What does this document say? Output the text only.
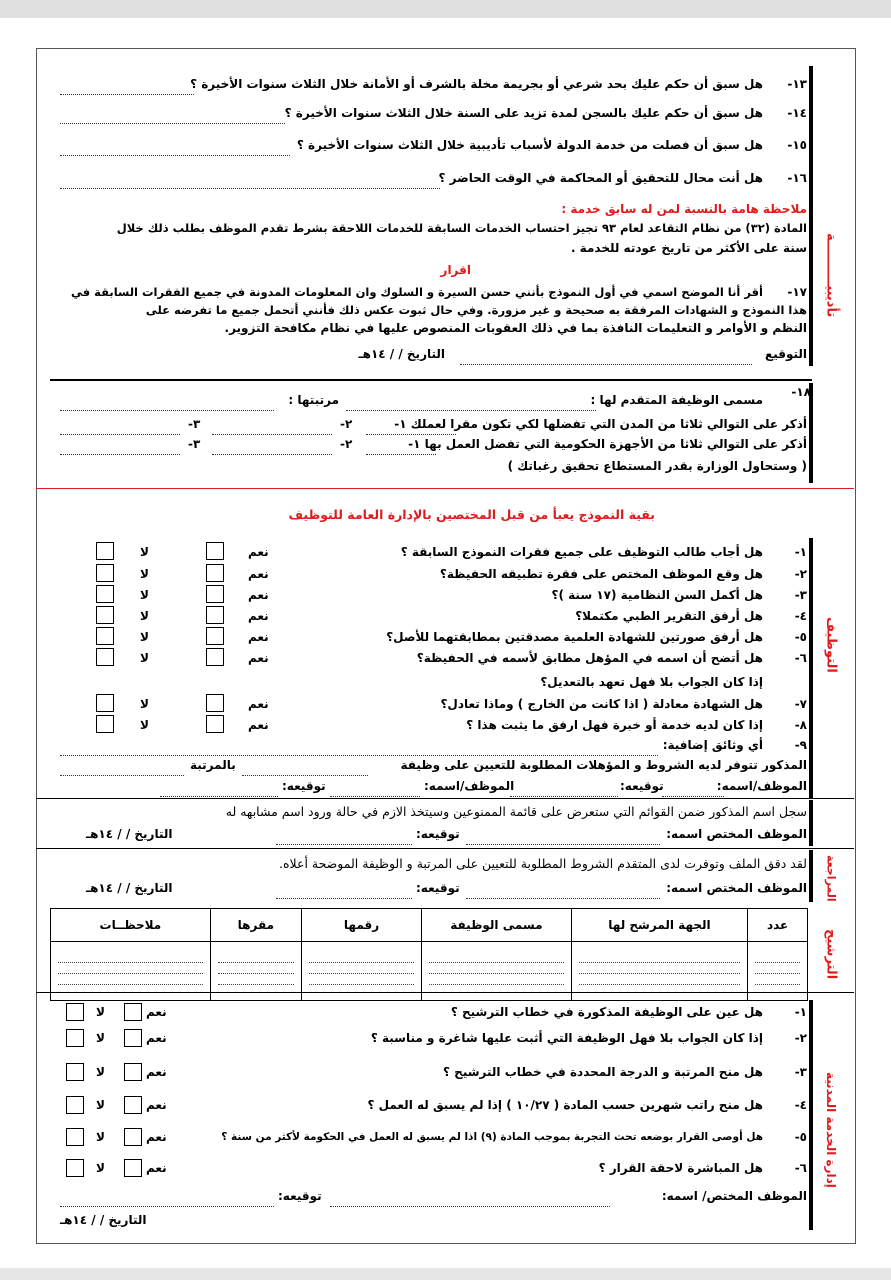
تأديبيــــــــــة
١٣-
هل سبق أن حكم عليك بحد شرعي أو بجريمة مخلة بالشرف أو الأمانة خلال الثلاث سنوات الأخيرة ؟
١٤-
هل سبق أن حكم عليك بالسجن لمدة تزيد على السنة خلال الثلاث سنوات الأخيرة ؟
١٥-
هل سبق أن فصلت من خدمة الدولة لأسباب تأديبية خلال الثلاث سنوات الأخيرة ؟
١٦-
هل أنت محال للتحقيق أو المحاكمة في الوقت الحاضر ؟
ملاحظة هامة بالنسبة لمن له سابق خدمة :
المادة (٣٢) من نظام التقاعد لعام ٩٣ تجيز احتساب الخدمات السابقة للخدمات اللاحقة بشرط تقدم الموظف بطلب ذلك خلال
سنة على الأكثر من تاريخ عودته للخدمة .
اقرار
١٧-
أقر أنا الموضح اسمي في أول النموذج بأنني حسن السيرة و السلوك وان المعلومات المدونة في جميع الفقرات السابقة في
هذا النموذج و الشهادات المرفقة به صحيحة و غير مزورة. وفي حال ثبوت عكس ذلك فأنني أتحمل جميع ما تفرضه على
النظم و الأوامر و التعليمات النافذة بما في ذلك العقوبات المنصوص عليها في نظام مكافحة التزوير.
التوقيع
التاريخ / / ١٤هـ
١٨-
مسمى الوظيفة المتقدم لها :
مرتبتها :
أذكر على التوالي ثلاثا من المدن التي تفضلها لكي تكون مقرا لعملك ١-
٢-
٣-
أذكر على التوالي ثلاثا من الأجهزة الحكومية التي تفضل العمل بها ١-
٢-
٣-
( وستحاول الوزارة بقدر المستطاع تحقيق رغباتك )
بقية النموذج يعبأ من قبل المختصين بالإدارة العامة للتوظيف
التوظيف
١-
هل أجاب طالب التوظيف على جميع فقرات النموذج السابقة ؟
نعم
لا
٢-
هل وقع الموظف المختص على فقرة تطبيقه الحفيظة؟
نعم
لا
٣-
هل أكمل السن النظامية (١٧ سنة )؟
نعم
لا
٤-
هل أرفق التقرير الطبي مكتملا؟
نعم
لا
٥-
هل أرفق صورتين للشهادة العلمية مصدقتين بمطابقتهما للأصل؟
نعم
لا
٦-
هل أتضح أن اسمه في المؤهل مطابق لأسمه في الحفيظة؟
نعم
لا
إذا كان الجواب بلا فهل تعهد بالتعديل؟
٧-
هل الشهادة معادلة ( اذا كانت من الخارج ) وماذا تعادل؟
نعم
لا
٨-
إذا كان لديه خدمة أو خبرة فهل ارفق ما يثبت هذا ؟
نعم
لا
٩-
أي وثائق إضافية:
المذكور تتوفر لديه الشروط و المؤهلات المطلوبة للتعيين على وظيفة
بالمرتبة
الموظف/اسمه:
توقيعه:
الموظف/اسمه:
توقيعه:
سجل اسم المذكور ضمن القوائم التي ستعرض على قائمة الممنوعين وسيتخذ الازم في حالة ورود اسم مشابهه له
الموظف المختص اسمه:
توقيعه:
التاريخ / / ١٤هـ
المراجعة
لقد دقق الملف وتوفرت لدى المتقدم الشروط المطلوبة للتعيين على المرتبة و الوظيفة الموضحة أعلاه.
الموظف المختص اسمه:
توقيعه:
التاريخ / / ١٤هـ
الترشيح
عدد	الجهة المرشح لها	مسمى الوظيفة	رقمها	مقرها	ملاحظــات

إدارة الخدمة المدنية
١-
هل عين على الوظيفة المذكورة في خطاب الترشيح ؟
نعم
لا
٢-
إذا كان الجواب بلا فهل الوظيفة التي أثبت عليها شاغرة و مناسبة ؟
نعم
لا
٣-
هل منح المرتبة و الدرجة المحددة في خطاب الترشيح ؟
نعم
لا
٤-
هل منح راتب شهرين حسب المادة ( ١٠/٢٧ ) إذا لم يسبق له العمل ؟
نعم
لا
٥-
هل أوصى القرار بوضعه تحت التجربة بموجب المادة (٩) اذا لم يسبق له العمل في الحكومة لأكثر من سنة ؟
نعم
لا
٦-
هل المباشرة لاحقة القرار ؟
نعم
لا
الموظف المختص/ اسمه:
توقيعه:
التاريخ / / ١٤هـ
